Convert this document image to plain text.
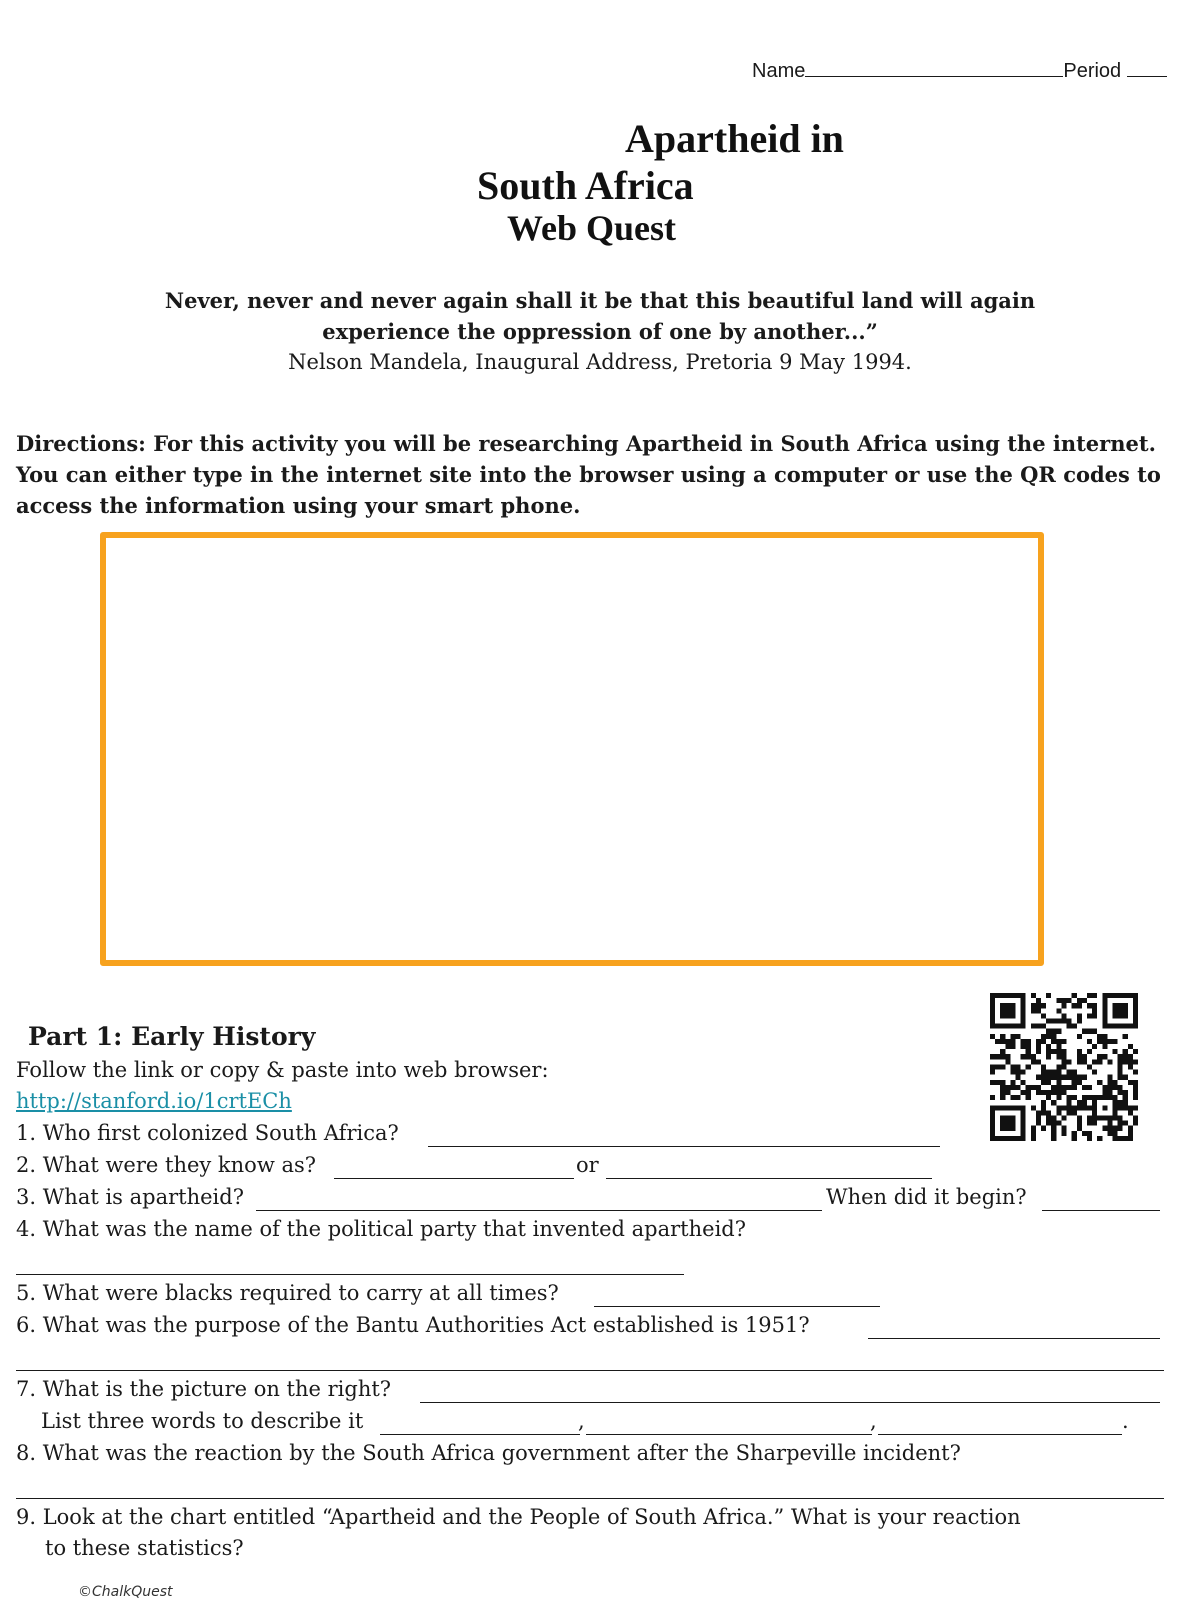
Name	Period
Apartheid in
South Africa
Web Quest
Never, never and never again shall it be that this beautiful land will again
experience the oppression of one by another...”
Nelson Mandela, Inaugural Address, Pretoria 9 May 1994.
Directions: For this activity you will be researching Apartheid in South Africa using the internet. You can either type in the internet site into the browser using a computer or use the QR codes to access the information using your smart phone.
Part 1: Early History
Follow the link or copy & paste into web browser:
http://stanford.io/1crtECh
1. Who first colonized South Africa?
2. What were they know as?	or
3. What is apartheid?	When did it begin?
4. What was the name of the political party that invented apartheid?
5. What were blacks required to carry at all times?
6. What was the purpose of the Bantu Authorities Act established is 1951?
7. What is the picture on the right?
List three words to describe it	,	,	.
8. What was the reaction by the South Africa government after the Sharpeville incident?
9. Look at the chart entitled “Apartheid and the People of South Africa.” What is your reaction
to these statistics?
©ChalkQuest
